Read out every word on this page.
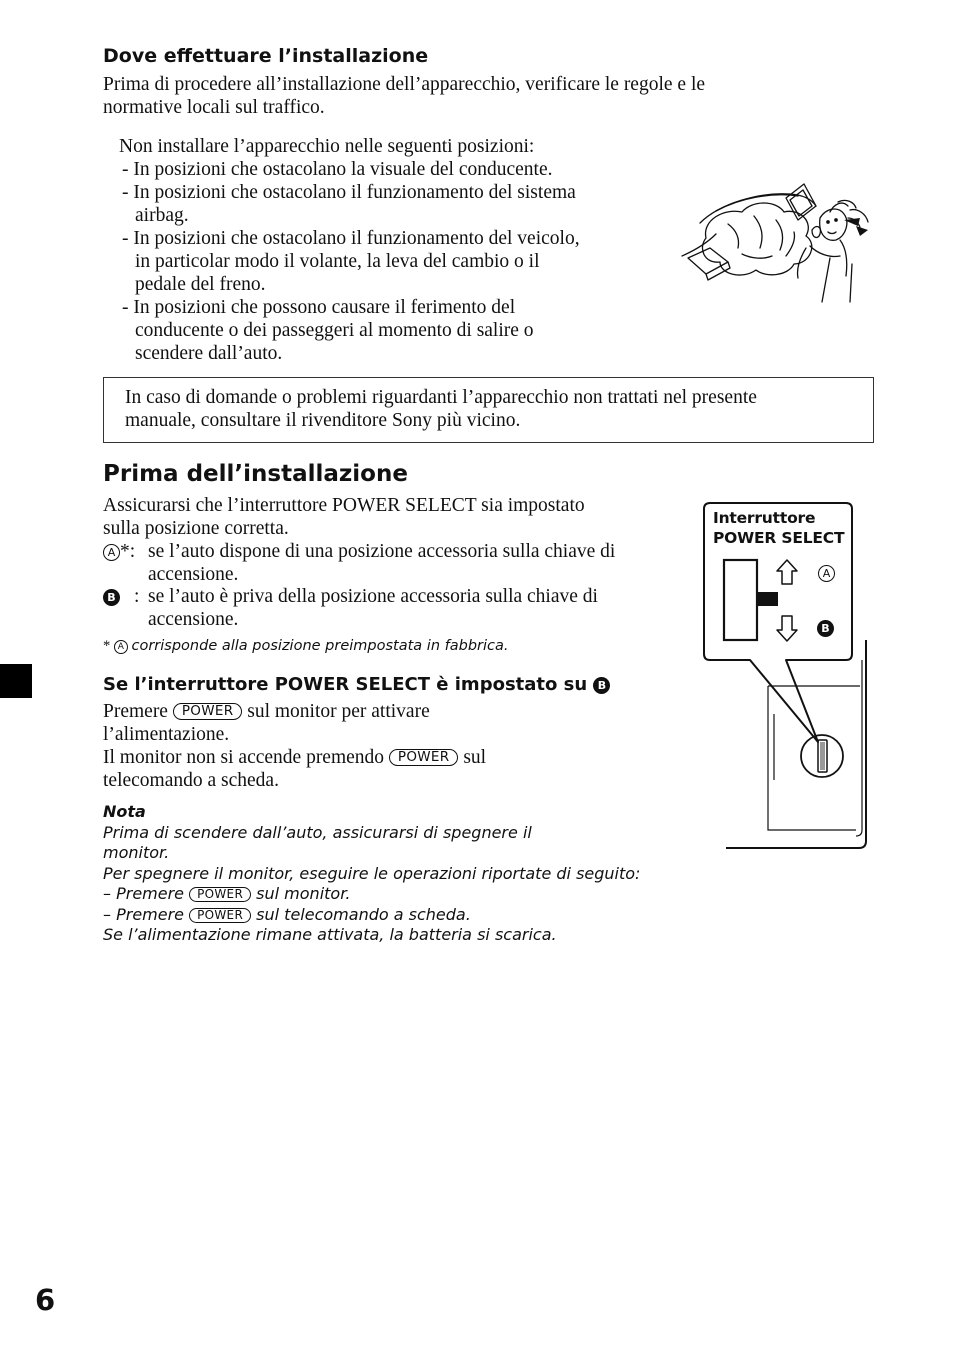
Dove effettuare l’installazione
Prima di procedere all’installazione dell’apparecchio, verificare le regole e le
normative locali sul traffico.
Non installare l’apparecchio nelle seguenti posizioni:
- In posizioni che ostacolano la visuale del conducente.
- In posizioni che ostacolano il funzionamento del sistema
airbag.
- In posizioni che ostacolano il funzionamento del veicolo,
in particolar modo il volante, la leva del cambio o il
pedale del freno.
- In posizioni che possono causare il ferimento del
conducente o dei passeggeri al momento di salire o
scendere dall’auto.
In caso di domande o problemi riguardanti l’apparecchio non trattati nel presente
manuale, consultare il rivenditore Sony più vicino.
Prima dell’installazione
Assicurarsi che l’interruttore POWER SELECT sia impostato
sulla posizione corretta.
A *: se l’auto dispone di una posizione accessoria sulla chiave di
accensione.
B : se l’auto è priva della posizione accessoria sulla chiave di
accensione.
* A corrisponde alla posizione preimpostata in fabbrica.
Se l’interruttore POWER SELECT è impostato su B
Premere POWER sul monitor per attivare
l’alimentazione.
Il monitor non si accende premendo POWER sul
telecomando a scheda.
Nota
Prima di scendere dall’auto, assicurarsi di spegnere il
monitor.
Per spegnere il monitor, eseguire le operazioni riportate di seguito:
– Premere POWER sul monitor.
– Premere POWER sul telecomando a scheda.
Se l’alimentazione rimane attivata, la batteria si scarica.
Interruttore
POWER SELECT
A
B
6
